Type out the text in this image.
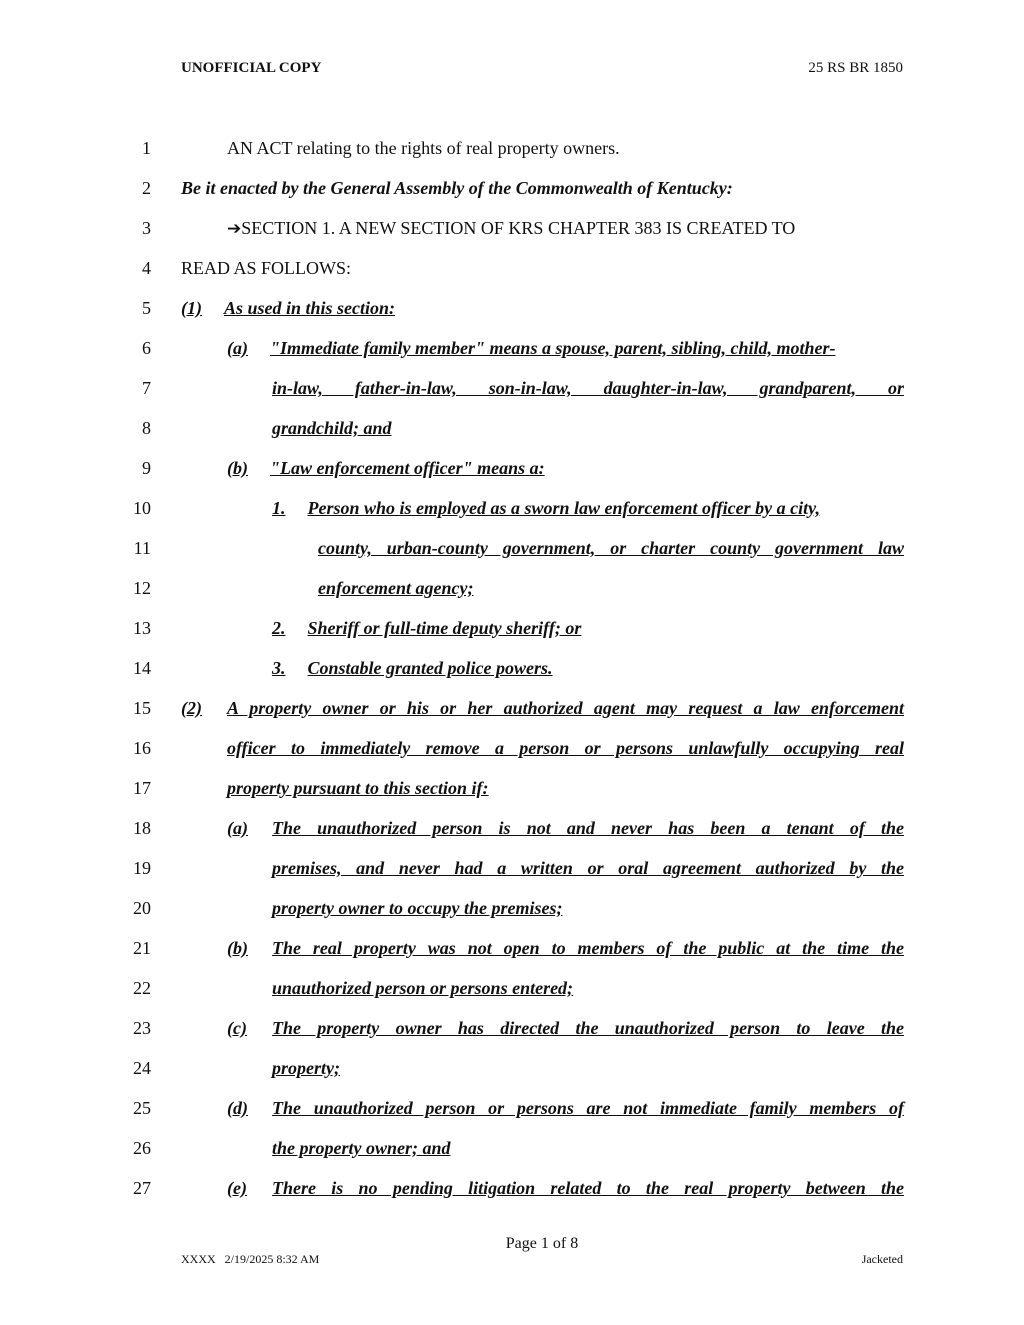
UNOFFICIAL COPY	25 RS BR 1850
1	AN ACT relating to the rights of real property owners.
2 Be it enacted by the General Assembly of the Commonwealth of Kentucky:
3	➔SECTION 1. A NEW SECTION OF KRS CHAPTER 383 IS CREATED TO
4 READ AS FOLLOWS:
5 (1) As used in this section:
6	(a) "Immediate family member" means a spouse, parent, sibling, child, mother-
7	in-law, father-in-law, son-in-law, daughter-in-law, grandparent, or
8	grandchild; and
9	(b) "Law enforcement officer" means a:
10	1. Person who is employed as a sworn law enforcement officer by a city,
11	county, urban-county government, or charter county government law
12	enforcement agency;
13	2. Sheriff or full-time deputy sheriff; or
14	3. Constable granted police powers.
15 (2) A property owner or his or her authorized agent may request a law enforcement
16	officer to immediately remove a person or persons unlawfully occupying real
17	property pursuant to this section if:
18	(a) The unauthorized person is not and never has been a tenant of the
19	premises, and never had a written or oral agreement authorized by the
20	property owner to occupy the premises;
21	(b) The real property was not open to members of the public at the time the
22	unauthorized person or persons entered;
23	(c) The property owner has directed the unauthorized person to leave the
24	property;
25	(d) The unauthorized person or persons are not immediate family members of
26	the property owner; and
27	(e) There is no pending litigation related to the real property between the
Page 1 of 8
XXXX   2/19/2025 8:32 AM	Jacketed
